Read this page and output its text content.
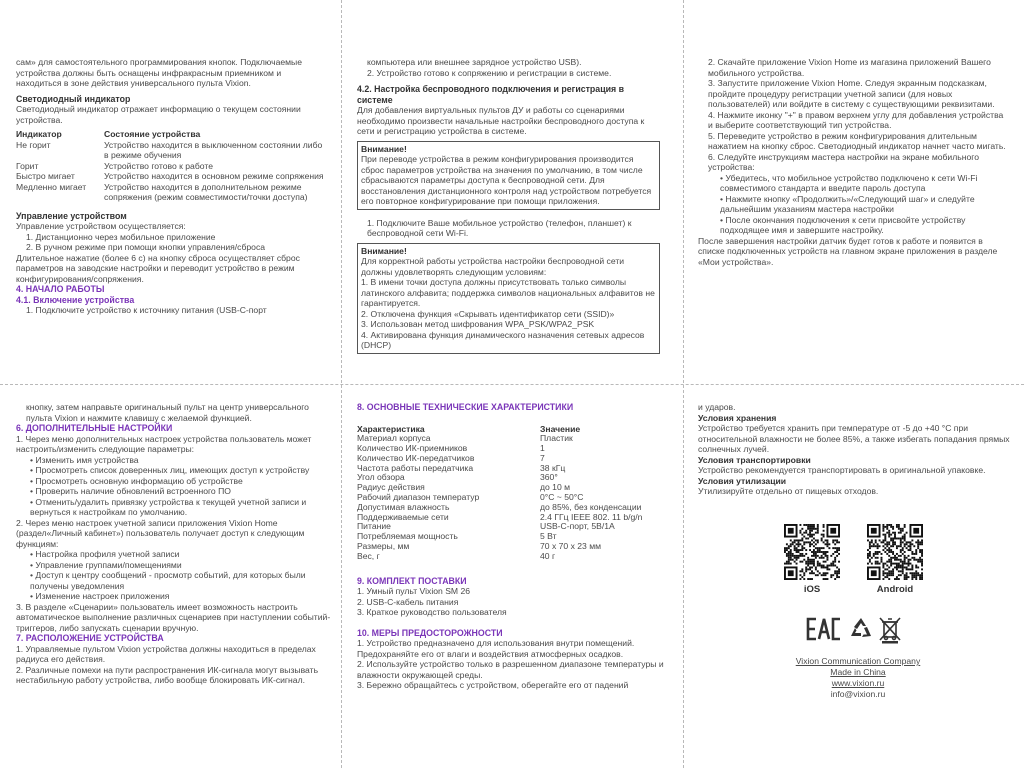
сам» для самостоятельного программирования кнопок. Подключаемые устройства должны быть оснащены инфракрасным приемником и находиться в зоне действия универсального пульта Vixion.

Светодиодный индикатор

Светодиодный индикатор отражает информацию о текущем состоянии устройства.

Индикатор	Состояние устройства
Не горит	Устройство находится в выключенном состоянии либо в режиме обучения
Горит	Устройство готово к работе
Быстро мигает	Устройство находится в основном режиме сопряжения
Медленно мигает	Устройство находится в дополнительном режиме сопряжения (режим совместимости/точки доступа)
Управление устройством

Управление устройством осуществляется:

1. Дистанционно через мобильное приложение

2. В ручном режиме при помощи кнопки управления/сброса

Длительное нажатие (более 6 с) на кнопку сброса осуществляет сброс параметров на заводские настройки и переводит устройство в режим конфигурирования/сопряжения.

4. НАЧАЛО РАБОТЫ

4.1. Включение устройства

1. Подключите устройство к источнику питания (USB-C-порт

компьютера или внешнее зарядное устройство USB).

2. Устройство готово к сопряжению и регистрации в системе.

4.2. Настройка беспроводного подключения и регистрация в системе

Для добавления виртуальных пультов ДУ и работы со сценариями необходимо произвести начальные настройки беспроводного доступа к сети и регистрацию устройства в системе.

Внимание!

При переводе устройства в режим конфигурирования производится сброс параметров устройства на значения по умолчанию, в том числе сбрасываются параметры доступа к беспроводной сети. Для восстановления дистанционного контроля над устройством потребуется его повторное конфигурирование при помощи приложения.

1. Подключите Ваше мобильное устройство (телефон, планшет) к беспроводной сети Wi-Fi.

Внимание!

Для корректной работы устройства настройки беспроводной сети должны удовлетворять следующим условиям:

1. В имени точки доступа должны присутствовать только символы латинского алфавита; поддержка символов национальных алфавитов не гарантируется.

2. Отключена функция «Скрывать идентификатор сети (SSID)»

3. Использован метод шифрования WPA_PSK/WPA2_PSK

4. Активирована функция динамического назначения сетевых адресов (DHCP)

2. Скачайте приложение Vixion Home из магазина приложений Вашего мобильного устройства.

3. Запустите приложение Vixion Home. Следуя экранным подсказкам, пройдите процедуру регистрации учетной записи (для новых пользователей) или войдите в систему с существующими реквизитами.

4. Нажмите иконку "+" в правом верхнем углу для добавления устройства и выберите соответствующий тип устройства.

5. Переведите устройство в режим конфигурирования длительным нажатием на кнопку сброс. Светодиодный индикатор начнет часто мигать.

6. Следуйте инструкциям мастера настройки на экране мобильного устройства:

• Убедитесь, что мобильное устройство подключено к сети Wi-Fi совместимого стандарта и введите пароль доступа

• Нажмите кнопку «Продолжить»/«Следующий шаг» и следуйте дальнейшим указаниям мастера настройки

• После окончания подключения к сети присвойте устройству подходящее имя и завершите настройку.

После завершения настройки датчик будет готов к работе и появится в списке подключенных устройств на главном экране приложения в разделе «Мои устройства».

кнопку, затем направьте оригинальный пульт на центр универсального пульта Vixion и нажмите клавишу с желаемой функцией.

6. ДОПОЛНИТЕЛЬНЫЕ НАСТРОЙКИ

1. Через меню дополнительных настроек устройства пользователь может настроить/изменить следующие параметры:

• Изменить имя устройства

• Просмотреть список доверенных лиц, имеющих доступ к устройству

• Просмотреть основную информацию об устройстве

• Проверить наличие обновлений встроенного ПО

• Отменить/удалить привязку устройства к текущей учетной записи и вернуться к настройкам по умолчанию.

2. Через меню настроек учетной записи приложения Vixion Home (раздел«Личный кабинет») пользователь получает доступ к следующим функциям:

• Настройка профиля учетной записи

• Управление группами/помещениями

• Доступ к центру сообщений - просмотр событий, для которых были получены уведомления

• Изменение настроек приложения

3. В разделе «Сценарии» пользователь имеет возможность настроить автоматическое выполнение различных сценариев при наступлении событий-триггеров, либо запускать сценарии вручную.

7. РАСПОЛОЖЕНИЕ УСТРОЙСТВА

1. Управляемые пультом Vixion устройства должны находиться в пределах радиуса его действия.

2. Различные помехи на пути распространения ИК-сигнала могут вызывать нестабильную работу устройства, либо вообще блокировать ИК-сигнал.

8. ОСНОВНЫЕ ТЕХНИЧЕСКИЕ ХАРАКТЕРИСТИКИ

Характеристика	Значение
Материал корпуса	Пластик
Количество ИК-приемников	1
Количество ИК-передатчиков	7
Частота работы передатчика	38 кГц
Угол обзора	360°
Радиус действия	до 10 м
Рабочий диапазон температур	0°С ~ 50°С
Допустимая влажность	до 85%, без конденсации
Поддерживаемые сети	2.4 ГГц IEEE 802. 11 b/g/n
Питание	USB-С-порт, 5В/1А
Потребляемая мощность	5 Вт
Размеры, мм	70 x 70 x 23 мм
Вес, г	40 г

9. КОМПЛЕКТ ПОСТАВКИ

1. Умный пульт Vixion SM 26

2. USB-C-кабель питания

3. Краткое руководство пользователя

10. МЕРЫ ПРЕДОСТОРОЖНОСТИ

1. Устройство предназначено для использования внутри помещений. Предохраняйте его от влаги и воздействия атмосферных осадков.

2. Используйте устройство только в разрешенном диапазоне температуры и влажности окружающей среды.

3. Бережно обращайтесь с устройством, оберегайте его от падений

и ударов.

Условия хранения

Устройство требуется хранить при температуре от -5 до +40 °С при относительной влажности не более 85%, а также избегать попадания прямых солнечных лучей.

Условия транспортировки

Устройство рекомендуется транспортировать в оригинальной упаковке.

Условия утилизации

Утилизируйте отдельно от пищевых отходов.

iOS	Android
Vixion Communication Company
Made in China
www.vixion.ru
info@vixion.ru
